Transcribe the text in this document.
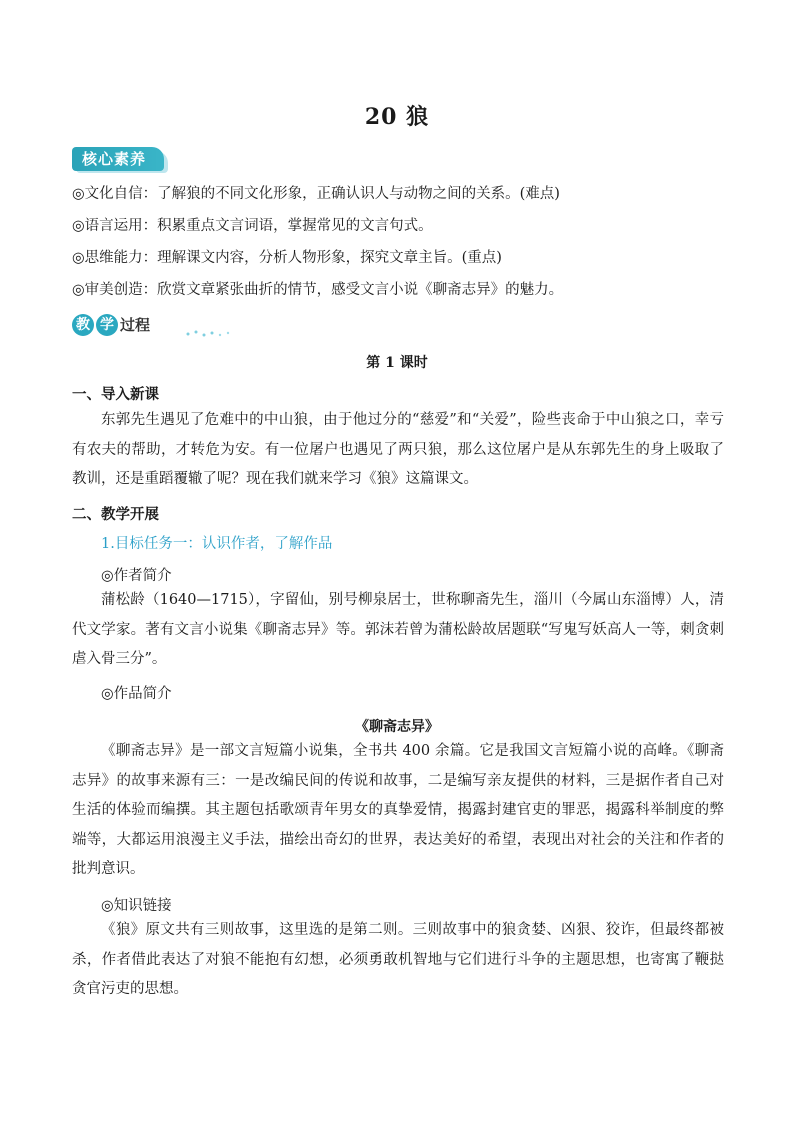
20 狼
核心素养
◎文化自信：了解狼的不同文化形象，正确认识人与动物之间的关系。(难点)
◎语言运用：积累重点文言词语，掌握常见的文言句式。
◎思维能力：理解课文内容，分析人物形象，探究文章主旨。(重点)
◎审美创造：欣赏文章紧张曲折的情节，感受文言小说《聊斋志异》的魅力。
教 学 过程
第 1 课时
一、导入新课
东郭先生遇见了危难中的中山狼，由于他过分的“慈爱”和“关爱”，险些丧命于中山狼之口，幸亏有农夫的帮助，才转危为安。有一位屠户也遇见了两只狼，那么这位屠户是从东郭先生的身上吸取了教训，还是重蹈覆辙了呢？现在我们就来学习《狼》这篇课文。
二、教学开展
1.目标任务一：认识作者，了解作品
◎作者简介
蒲松龄（1640—1715），字留仙，别号柳泉居士，世称聊斋先生，淄川（今属山东淄博）人，清代文学家。著有文言小说集《聊斋志异》等。郭沫若曾为蒲松龄故居题联“写鬼写妖高人一等，刺贪刺虐入骨三分”。
◎作品简介
《聊斋志异》
《聊斋志异》是一部文言短篇小说集，全书共 400 余篇。它是我国文言短篇小说的高峰。《聊斋志异》的故事来源有三：一是改编民间的传说和故事，二是编写亲友提供的材料，三是据作者自己对生活的体验而编撰。其主题包括歌颂青年男女的真挚爱情，揭露封建官吏的罪恶，揭露科举制度的弊端等，大都运用浪漫主义手法，描绘出奇幻的世界，表达美好的希望，表现出对社会的关注和作者的批判意识。
◎知识链接
《狼》原文共有三则故事，这里选的是第二则。三则故事中的狼贪婪、凶狠、狡诈，但最终都被杀，作者借此表达了对狼不能抱有幻想，必须勇敢机智地与它们进行斗争的主题思想，也寄寓了鞭挞贪官污吏的思想。
